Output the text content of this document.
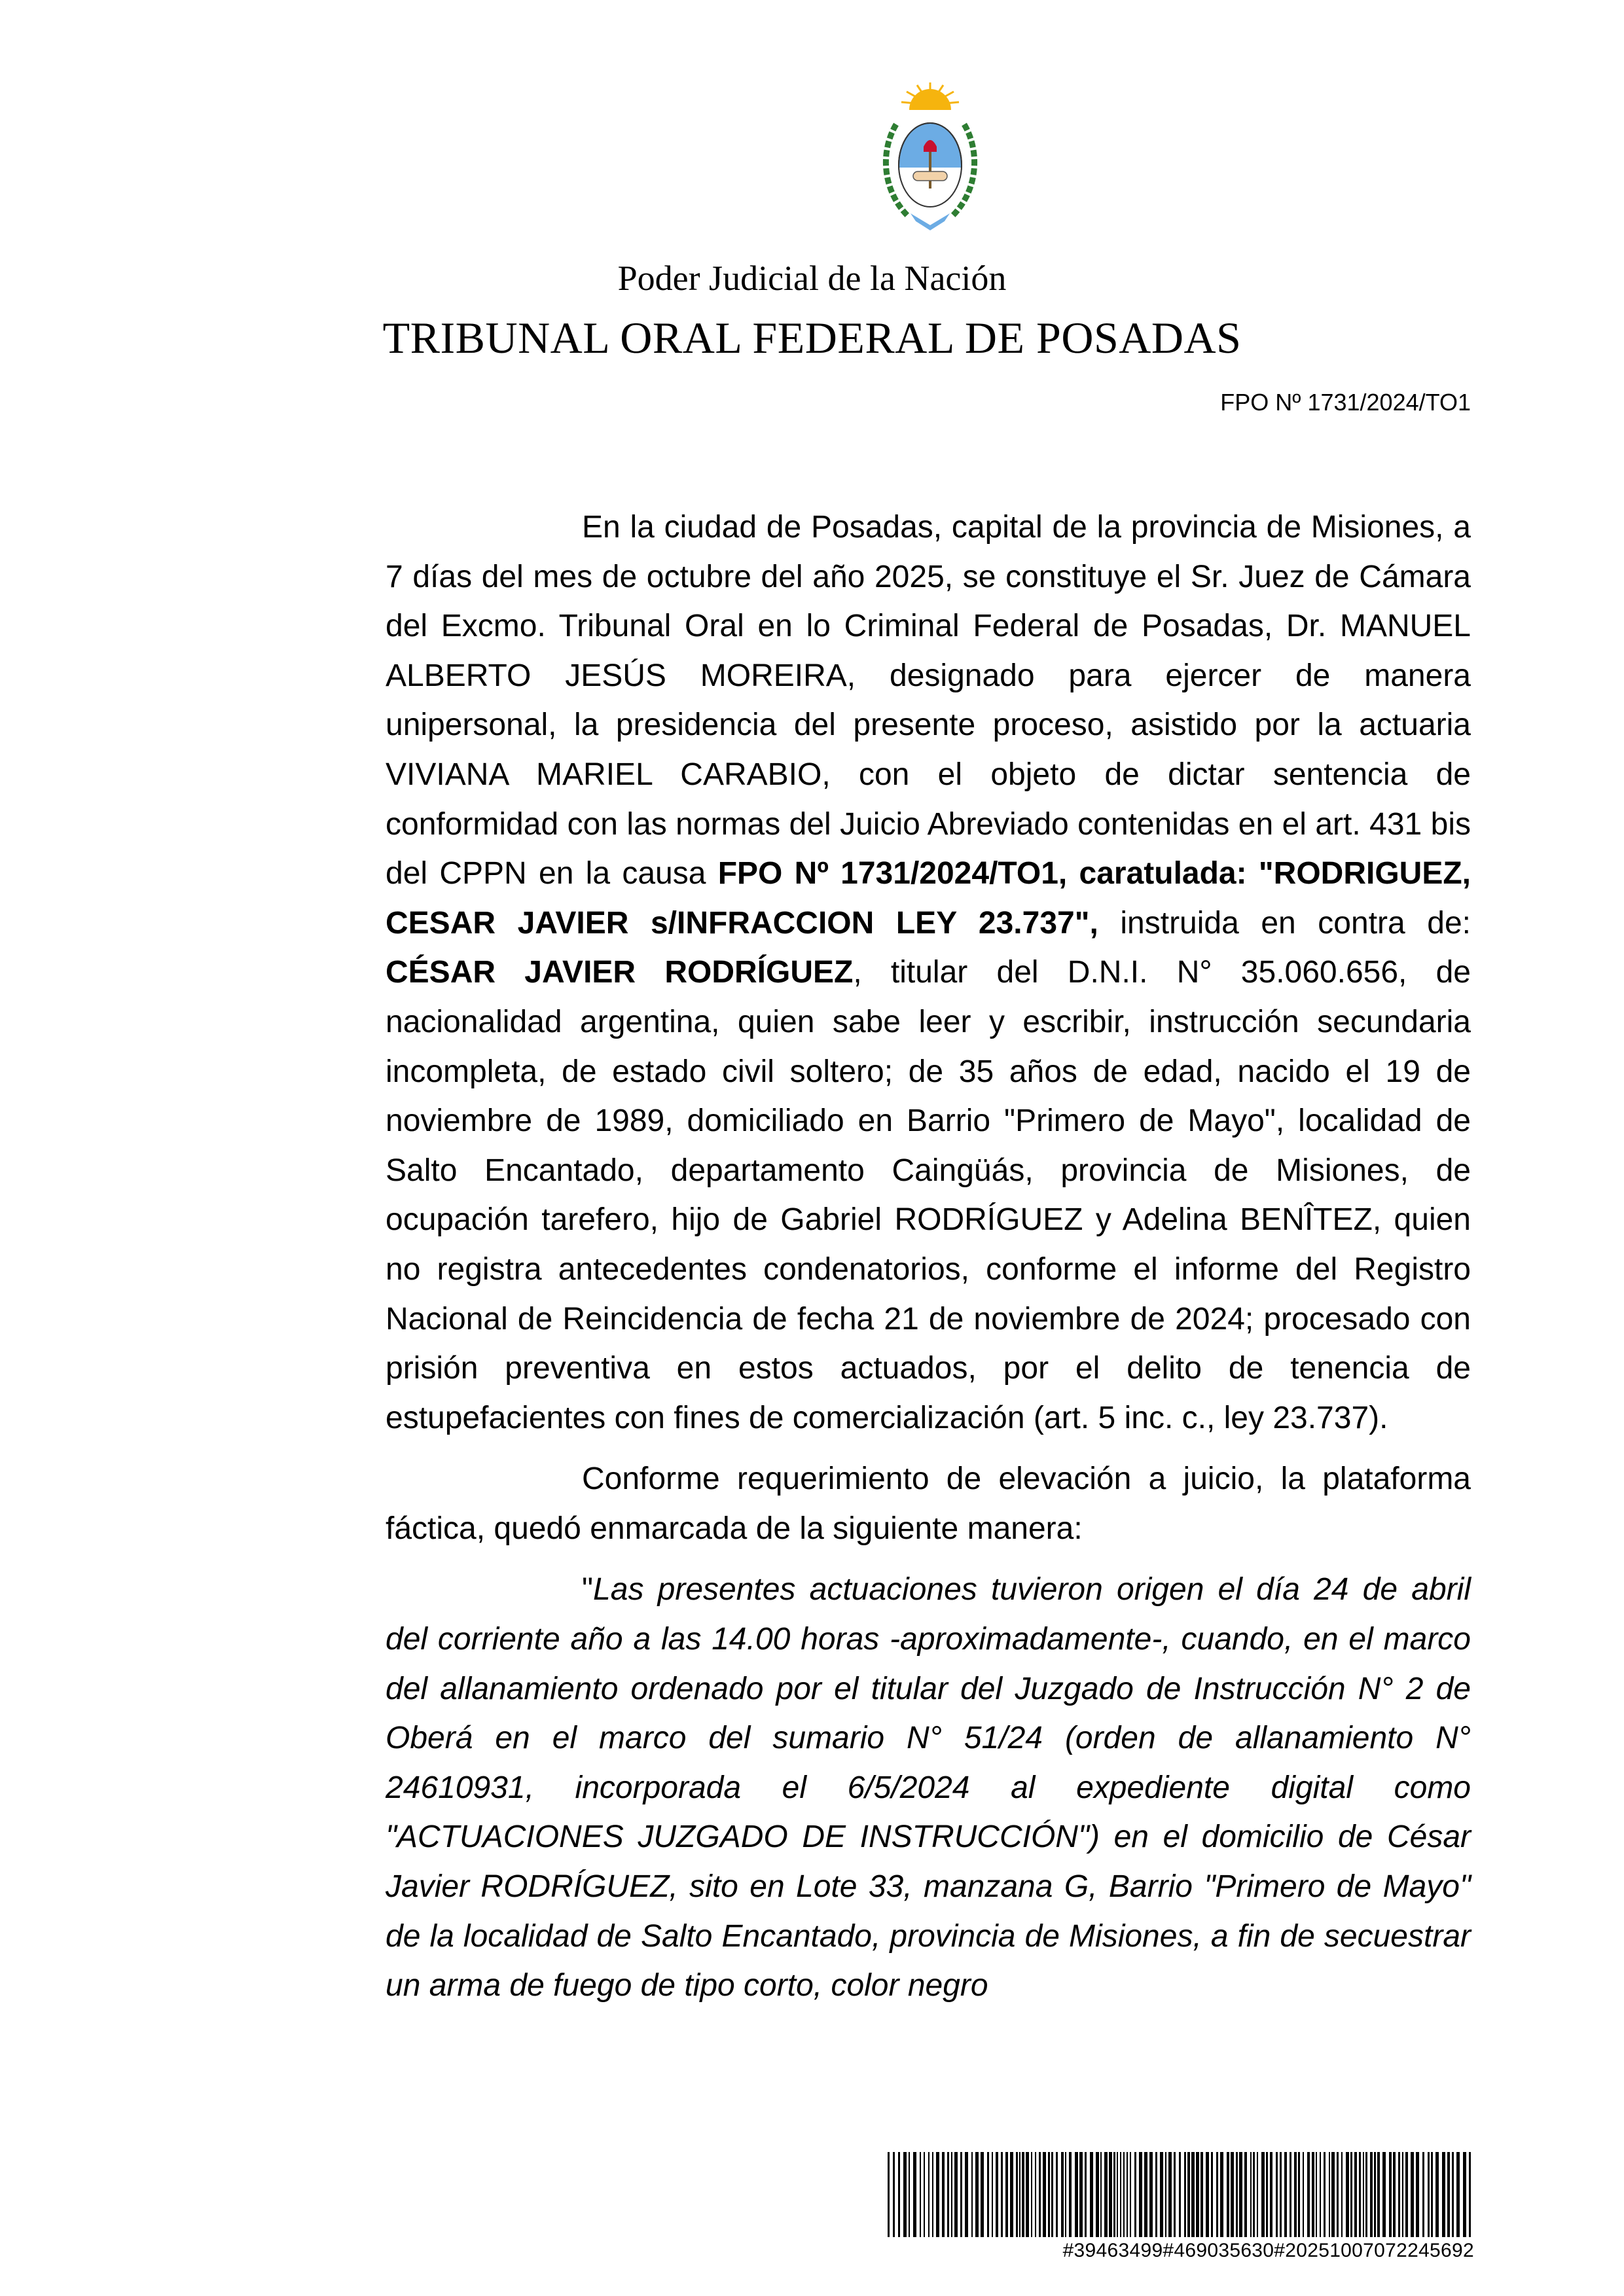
Poder Judicial de la Nación
TRIBUNAL ORAL FEDERAL DE POSADAS
FPO Nº 1731/2024/TO1

En la ciudad de Posadas, capital de la provincia de Misiones, a 7 días del mes de octubre del año 2025, se constituye el Sr. Juez de Cámara del Excmo. Tribunal Oral en lo Criminal Federal de Posadas, Dr. MANUEL ALBERTO JESÚS MOREIRA, designado para ejercer de manera unipersonal, la presidencia del presente proceso, asistido por la actuaria VIVIANA MARIEL CARABIO, con el objeto de dictar sentencia de conformidad con las normas del Juicio Abreviado contenidas en el art. 431 bis del CPPN en la causa FPO Nº 1731/2024/TO1, caratulada: "RODRIGUEZ, CESAR JAVIER s/INFRACCION LEY 23.737", instruida en contra de: CÉSAR JAVIER RODRÍGUEZ, titular del D.N.I. N° 35.060.656, de nacionalidad argentina, quien sabe leer y escribir, instrucción secundaria incompleta, de estado civil soltero; de 35 años de edad, nacido el 19 de noviembre de 1989, domiciliado en Barrio "Primero de Mayo", localidad de Salto Encantado, departamento Caingüás, provincia de Misiones, de ocupación tarefero, hijo de Gabriel RODRÍGUEZ y Adelina BENÎTEZ, quien no registra antecedentes condenatorios, conforme el informe del Registro Nacional de Reincidencia de fecha 21 de noviembre de 2024; procesado con prisión preventiva en estos actuados, por el delito de tenencia de estupefacientes con fines de comercialización (art. 5 inc. c., ley 23.737).

Conforme requerimiento de elevación a juicio, la plataforma fáctica, quedó enmarcada de la siguiente manera:

"Las presentes actuaciones tuvieron origen el día 24 de abril del corriente año a las 14.00 horas -aproximadamente-, cuando, en el marco del allanamiento ordenado por el titular del Juzgado de Instrucción N° 2 de Oberá en el marco del sumario N° 51/24 (orden de allanamiento N° 24610931, incorporada el 6/5/2024 al expediente digital como "ACTUACIONES JUZGADO DE INSTRUCCIÓN") en el domicilio de César Javier RODRÍGUEZ, sito en Lote 33, manzana G, Barrio "Primero de Mayo" de la localidad de Salto Encantado, provincia de Misiones, a fin de secuestrar un arma de fuego de tipo corto, color negro

#39463499#469035630#20251007072245692
